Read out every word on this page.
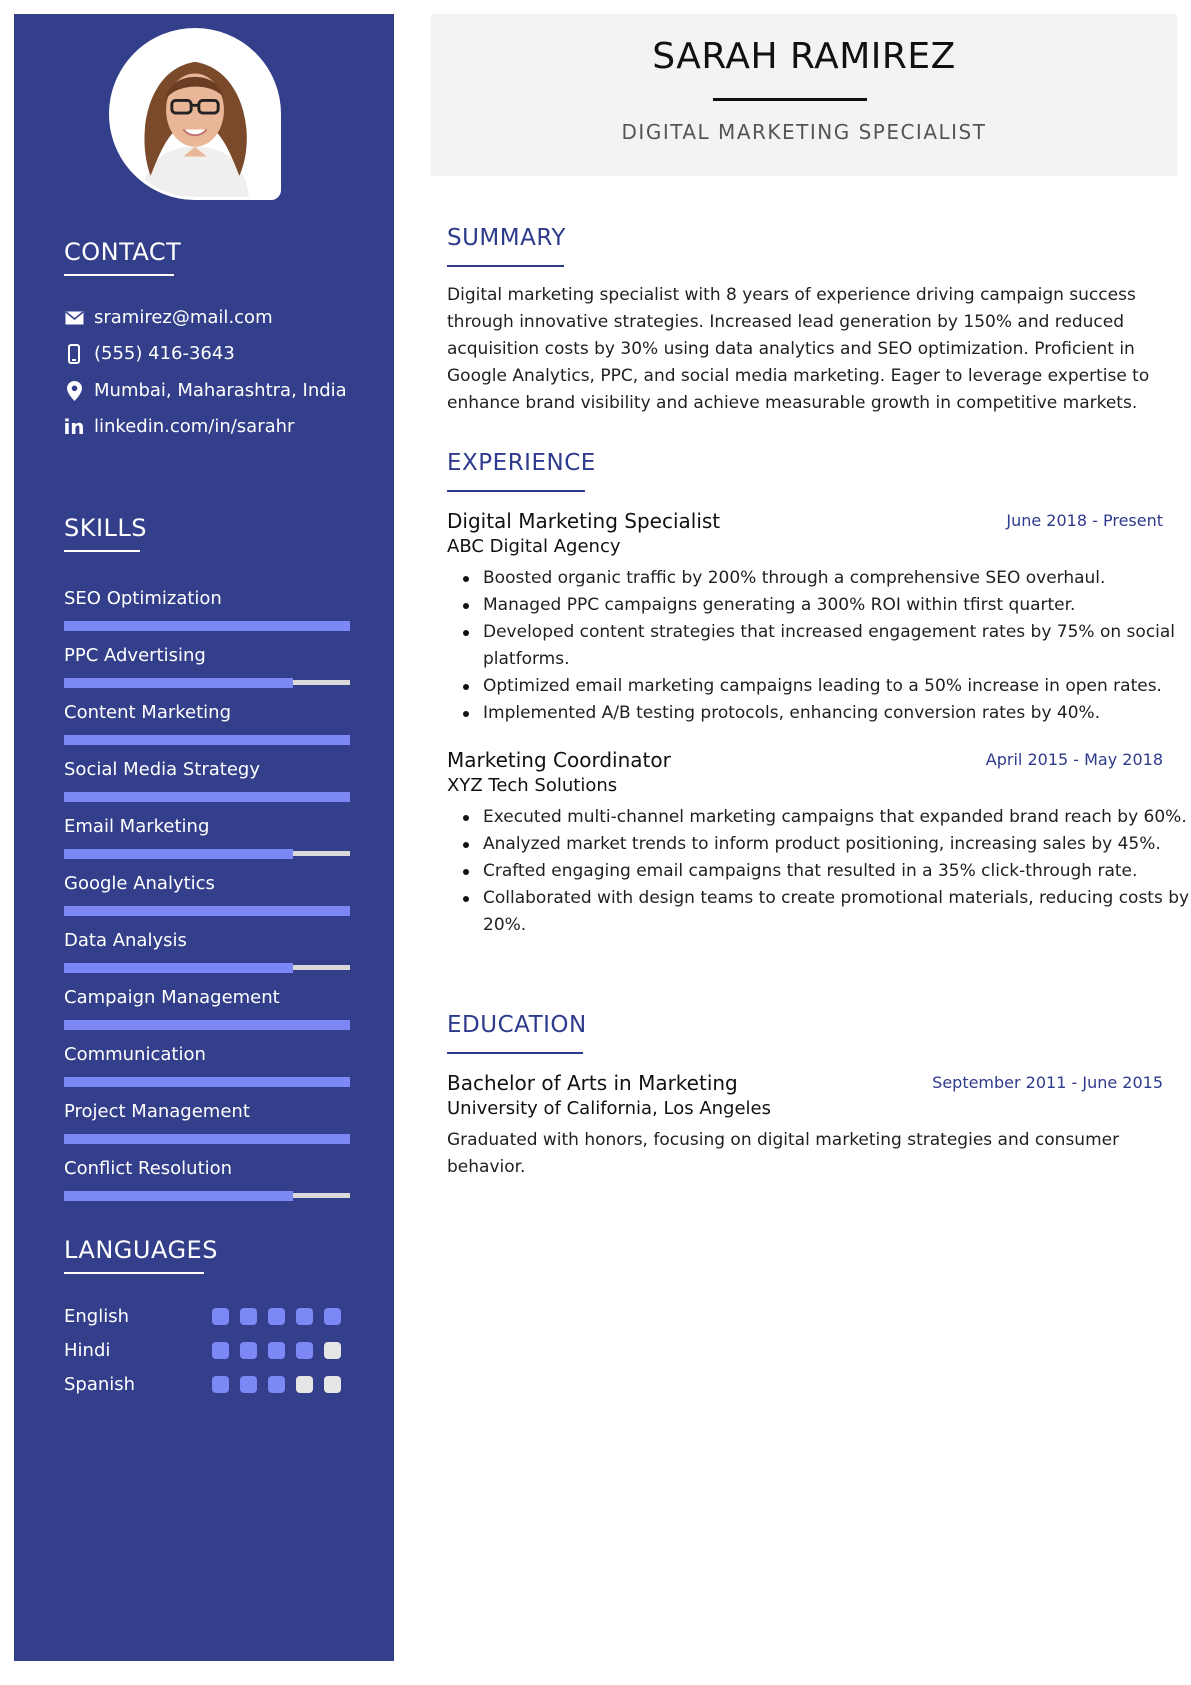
CONTACT
sramirez@mail.com
(555) 416-3643
Mumbai, Maharashtra, India
in linkedin.com/in/sarahr
SKILLS
SEO Optimization
PPC Advertising
Content Marketing
Social Media Strategy
Email Marketing
Google Analytics
Data Analysis
Campaign Management
Communication
Project Management
Conflict Resolution
LANGUAGES
English
Hindi
Spanish
SARAH RAMIREZ
DIGITAL MARKETING SPECIALIST
SUMMARY
Digital marketing specialist with 8 years of experience driving campaign success through innovative strategies. Increased lead generation by 150% and reduced acquisition costs by 30% using data analytics and SEO optimization. Proficient in Google Analytics, PPC, and social media marketing. Eager to leverage expertise to enhance brand visibility and achieve measurable growth in competitive markets.
EXPERIENCE
Digital Marketing Specialist	June 2018 - Present
ABC Digital Agency
Boosted organic traffic by 200% through a comprehensive SEO overhaul.
Managed PPC campaigns generating a 300% ROI within tfirst quarter.
Developed content strategies that increased engagement rates by 75% on social platforms.
Optimized email marketing campaigns leading to a 50% increase in open rates.
Implemented A/B testing protocols, enhancing conversion rates by 40%.
Marketing Coordinator	April 2015 - May 2018
XYZ Tech Solutions
Executed multi-channel marketing campaigns that expanded brand reach by 60%.
Analyzed market trends to inform product positioning, increasing sales by 45%.
Crafted engaging email campaigns that resulted in a 35% click-through rate.
Collaborated with design teams to create promotional materials, reducing costs by 20%.
EDUCATION
Bachelor of Arts in Marketing	September 2011 - June 2015
University of California, Los Angeles
Graduated with honors, focusing on digital marketing strategies and consumer behavior.
